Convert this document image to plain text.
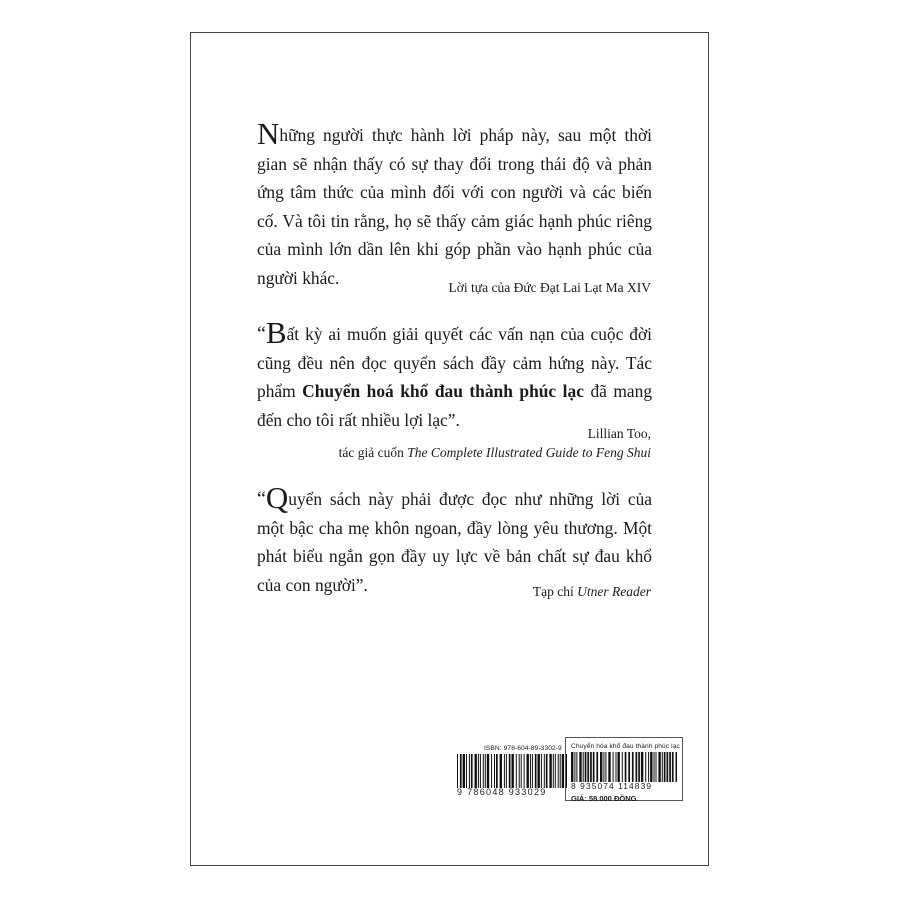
Những người thực hành lời pháp này, sau một thời gian sẽ nhận thấy có sự thay đổi trong thái độ và phản ứng tâm thức của mình đối với con người và các biến cố. Và tôi tin rằng, họ sẽ thấy cảm giác hạnh phúc riêng của mình lớn dần lên khi góp phần vào hạnh phúc của người khác.	Lời tựa của Đức Đạt Lai Lạt Ma XIV

“Bất kỳ ai muốn giải quyết các vấn nạn của cuộc đời cũng đều nên đọc quyển sách đầy cảm hứng này. Tác phẩm Chuyển hoá khổ đau thành phúc lạc đã mang đến cho tôi rất nhiều lợi lạc”.

Lillian Too,
tác giả cuốn The Complete Illustrated Guide to Feng Shui

“Quyển sách này phải được đọc như những lời của một bậc cha mẹ khôn ngoan, đầy lòng yêu thương. Một phát biểu ngắn gọn đầy uy lực về bản chất sự đau khổ của con người”.	Tạp chí Utner Reader
ISBN: 978-604-89-3302-9
9 786048 933029
Chuyển hóa khổ đau thành phúc lạc
8 935074 114839
GIÁ: 58.000 ĐỒNG
